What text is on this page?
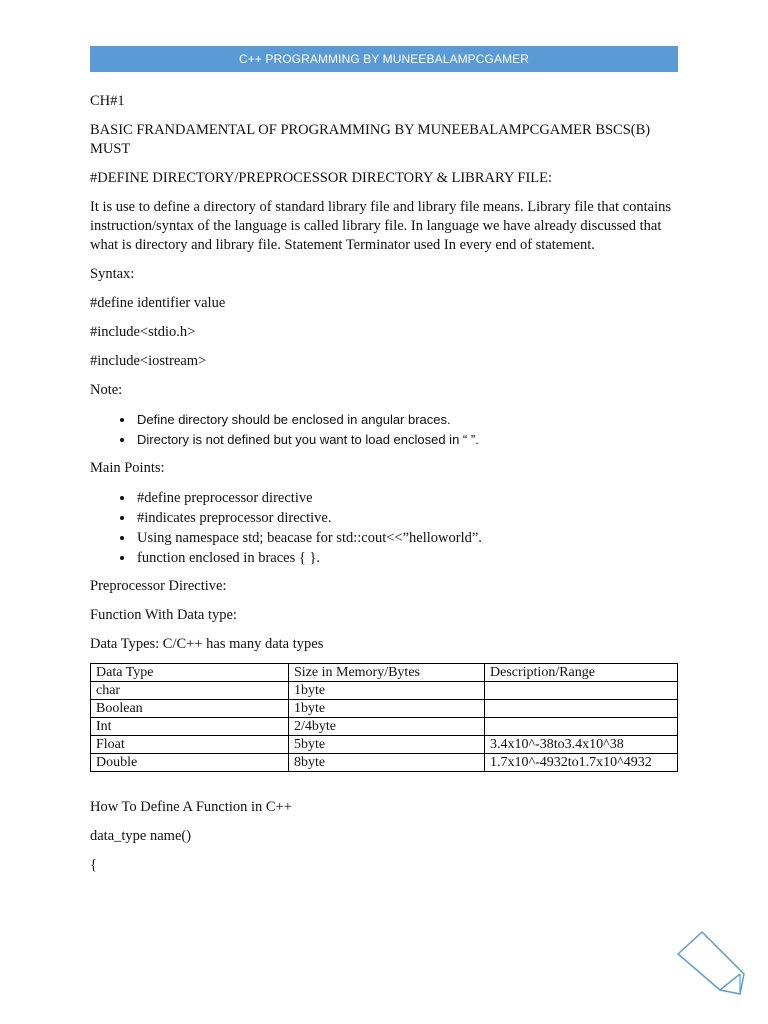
C++ PROGRAMMING BY MUNEEBALAMPCGAMER

CH#1

BASIC FRANDAMENTAL OF PROGRAMMING BY MUNEEBALAMPCGAMER BSCS(B) MUST

#DEFINE DIRECTORY/PREPROCESSOR DIRECTORY & LIBRARY FILE:

It is use to define a directory of standard library file and library file means. Library file that contains instruction/syntax of the language is called library file. In language we have already discussed that what is directory and library file. Statement Terminator used In every end of statement.

Syntax:

#define identifier value

#include<stdio.h>

#include<iostream>

Note:

• Define directory should be enclosed in angular braces.
• Directory is not defined but you want to load enclosed in “ ”.

Main Points:

• #define preprocessor directive
• #indicates preprocessor directive.
• Using namespace std; beacase for std::cout<<”helloworld”.
• function enclosed in braces { }.

Preprocessor Directive:

Function With Data type:

Data Types: C/C++ has many data types

Data Type	Size in Memory/Bytes	Description/Range
char	1byte	
Boolean	1byte	
Int	2/4byte	
Float	5byte	3.4x10^-38to3.4x10^38
Double	8byte	1.7x10^-4932to1.7x10^4932

How To Define A Function in C++

data_type name()

{
